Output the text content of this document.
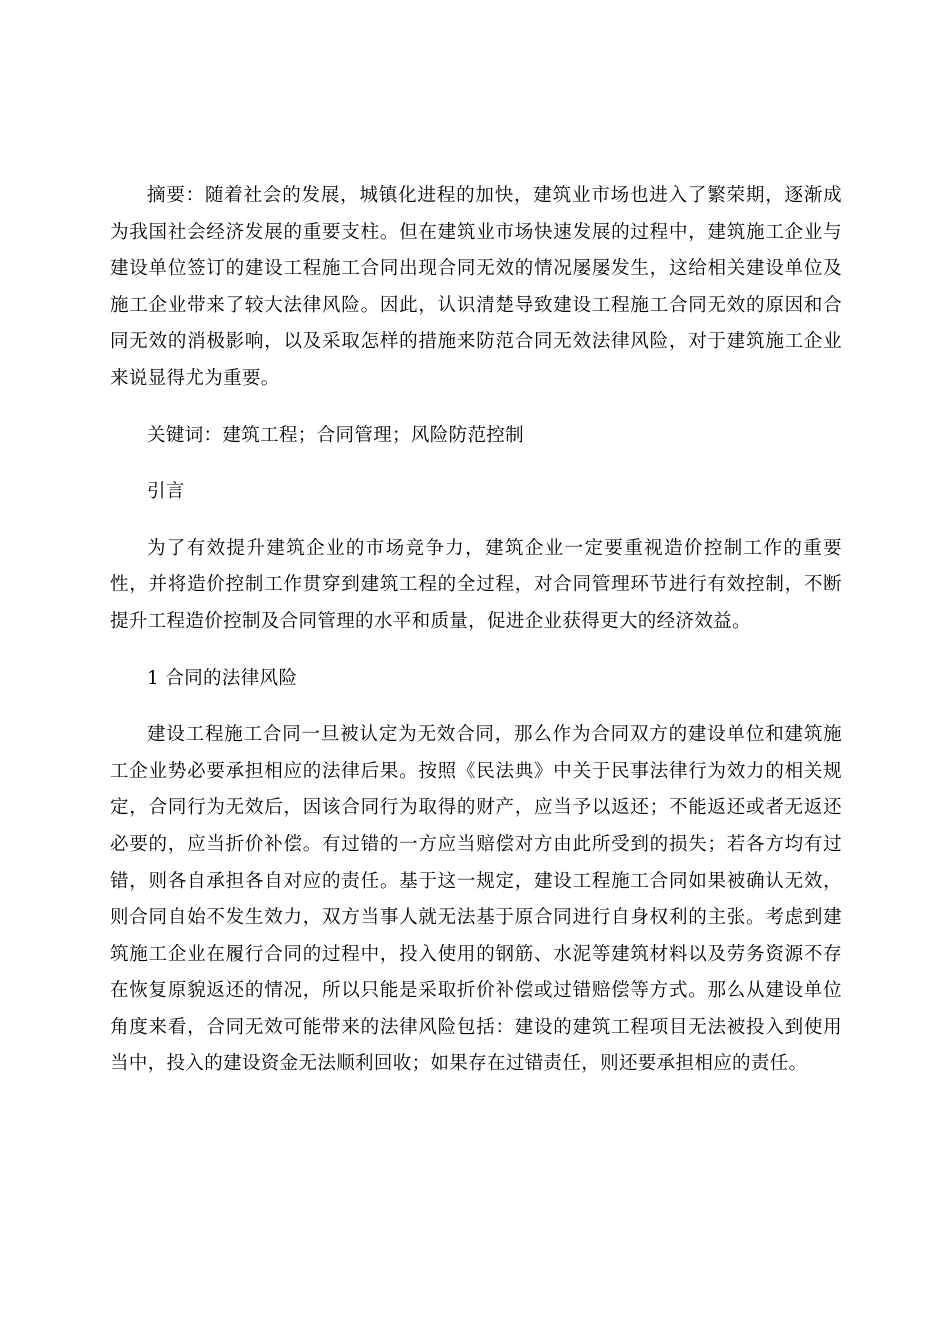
摘要：随着社会的发展，城镇化进程的加快，建筑业市场也进入了繁荣期，逐渐成为我国社会经济发展的重要支柱。但在建筑业市场快速发展的过程中，建筑施工企业与建设单位签订的建设工程施工合同出现合同无效的情况屡屡发生，这给相关建设单位及施工企业带来了较大法律风险。因此，认识清楚导致建设工程施工合同无效的原因和合同无效的消极影响，以及采取怎样的措施来防范合同无效法律风险，对于建筑施工企业来说显得尤为重要。

关键词：建筑工程；合同管理；风险防范控制

引言

为了有效提升建筑企业的市场竞争力，建筑企业一定要重视造价控制工作的重要性，并将造价控制工作贯穿到建筑工程的全过程，对合同管理环节进行有效控制，不断提升工程造价控制及合同管理的水平和质量，促进企业获得更大的经济效益。

1 合同的法律风险

建设工程施工合同一旦被认定为无效合同，那么作为合同双方的建设单位和建筑施工企业势必要承担相应的法律后果。按照《民法典》中关于民事法律行为效力的相关规定，合同行为无效后，因该合同行为取得的财产，应当予以返还；不能返还或者无返还必要的，应当折价补偿。有过错的一方应当赔偿对方由此所受到的损失；若各方均有过错，则各自承担各自对应的责任。基于这一规定，建设工程施工合同如果被确认无效，则合同自始不发生效力，双方当事人就无法基于原合同进行自身权利的主张。考虑到建筑施工企业在履行合同的过程中，投入使用的钢筋、水泥等建筑材料以及劳务资源不存在恢复原貌返还的情况，所以只能是采取折价补偿或过错赔偿等方式。那么从建设单位角度来看，合同无效可能带来的法律风险包括：建设的建筑工程项目无法被投入到使用当中，投入的建设资金无法顺利回收；如果存在过错责任，则还要承担相应的责任。
